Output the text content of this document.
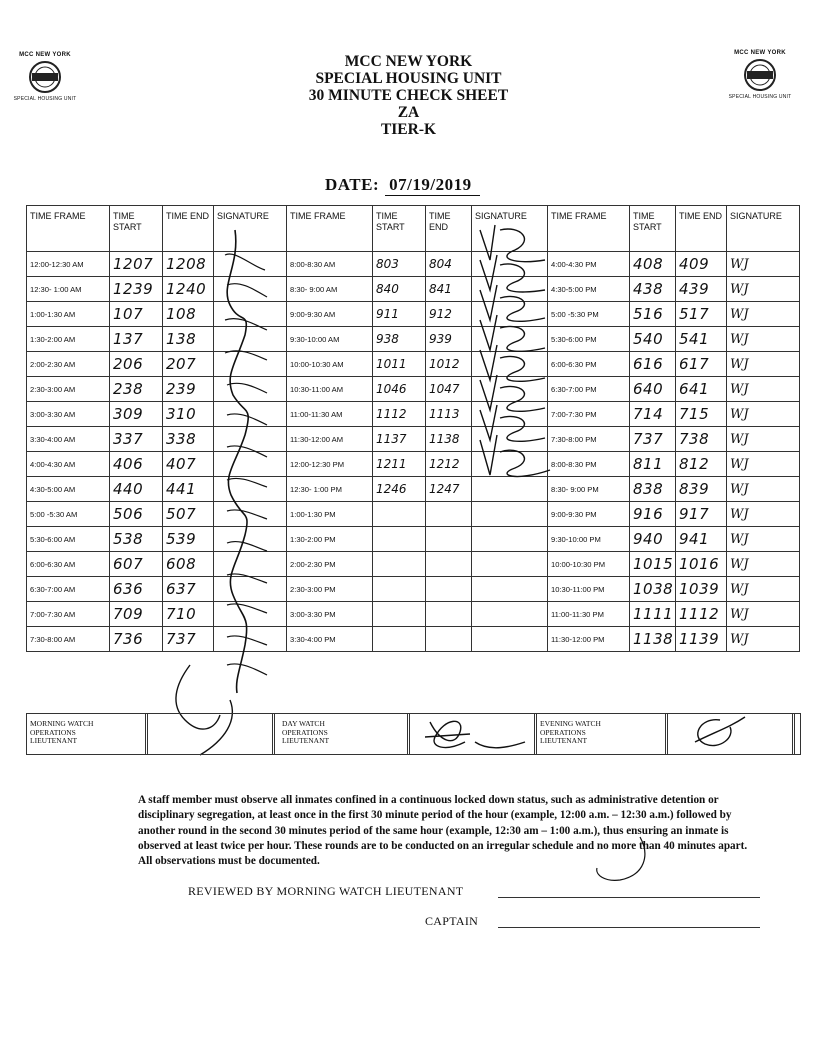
MCC NEW YORK
SPECIAL HOUSING UNIT
MCC NEW YORK
SPECIAL HOUSING UNIT
MCC NEW YORK
SPECIAL HOUSING UNIT
30 MINUTE CHECK SHEET
ZA
TIER-K
DATE: 07/19/2019
TIME FRAME	TIME START	TIME END	SIGNATURE	TIME FRAME	TIME START	TIME END	SIGNATURE	TIME FRAME	TIME START	TIME END	SIGNATURE
12:00-12:30 AM	1207	1208		8:00-8:30 AM	803	804		4:00-4:30 PM	408	409	WJ
12:30- 1:00 AM	1239	1240		8:30- 9:00 AM	840	841		4:30-5:00 PM	438	439	WJ
1:00-1:30 AM	107	108		9:00-9:30 AM	911	912		5:00 -5:30 PM	516	517	WJ
1:30-2:00 AM	137	138		9:30-10:00 AM	938	939		5:30-6:00 PM	540	541	WJ
2:00-2:30 AM	206	207		10:00-10:30 AM	1011	1012		6:00-6:30 PM	616	617	WJ
2:30-3:00 AM	238	239		10:30-11:00 AM	1046	1047		6:30-7:00 PM	640	641	WJ
3:00-3:30 AM	309	310		11:00-11:30 AM	1112	1113		7:00-7:30 PM	714	715	WJ
3:30-4:00 AM	337	338		11:30-12:00 AM	1137	1138		7:30-8:00 PM	737	738	WJ
4:00-4:30 AM	406	407		12:00-12:30 PM	1211	1212		8:00-8:30 PM	811	812	WJ
4:30-5:00 AM	440	441		12:30- 1:00 PM	1246	1247		8:30- 9:00 PM	838	839	WJ
5:00 -5:30 AM	506	507		1:00-1:30 PM				9:00-9:30 PM	916	917	WJ
5:30-6:00 AM	538	539		1:30-2:00 PM				9:30-10:00 PM	940	941	WJ
6:00-6:30 AM	607	608		2:00-2:30 PM				10:00-10:30 PM	1015	1016	WJ
6:30-7:00 AM	636	637		2:30-3:00 PM				10:30-11:00 PM	1038	1039	WJ
7:00-7:30 AM	709	710		3:00-3:30 PM				11:00-11:30 PM	1111	1112	WJ
7:30-8:00 AM	736	737		3:30-4:00 PM				11:30-12:00 PM	1138	1139	WJ
MORNING WATCH
OPERATIONS
LIEUTENANT
DAY WATCH
OPERATIONS
LIEUTENANT
EVENING WATCH
OPERATIONS
LIEUTENANT
A staff member must observe all inmates confined in a continuous locked down status, such as administrative detention or disciplinary segregation, at least once in the first 30 minute period of the hour (example, 12:00 a.m. – 12:30 a.m.) followed by another round in the second 30 minutes period of the same hour (example, 12:30 am – 1:00 a.m.), thus ensuring an inmate is observed at least twice per hour. These rounds are to be conducted on an irregular schedule and no more than 40 minutes apart. All observations must be documented.
REVIEWED BY MORNING WATCH LIEUTENANT
CAPTAIN
